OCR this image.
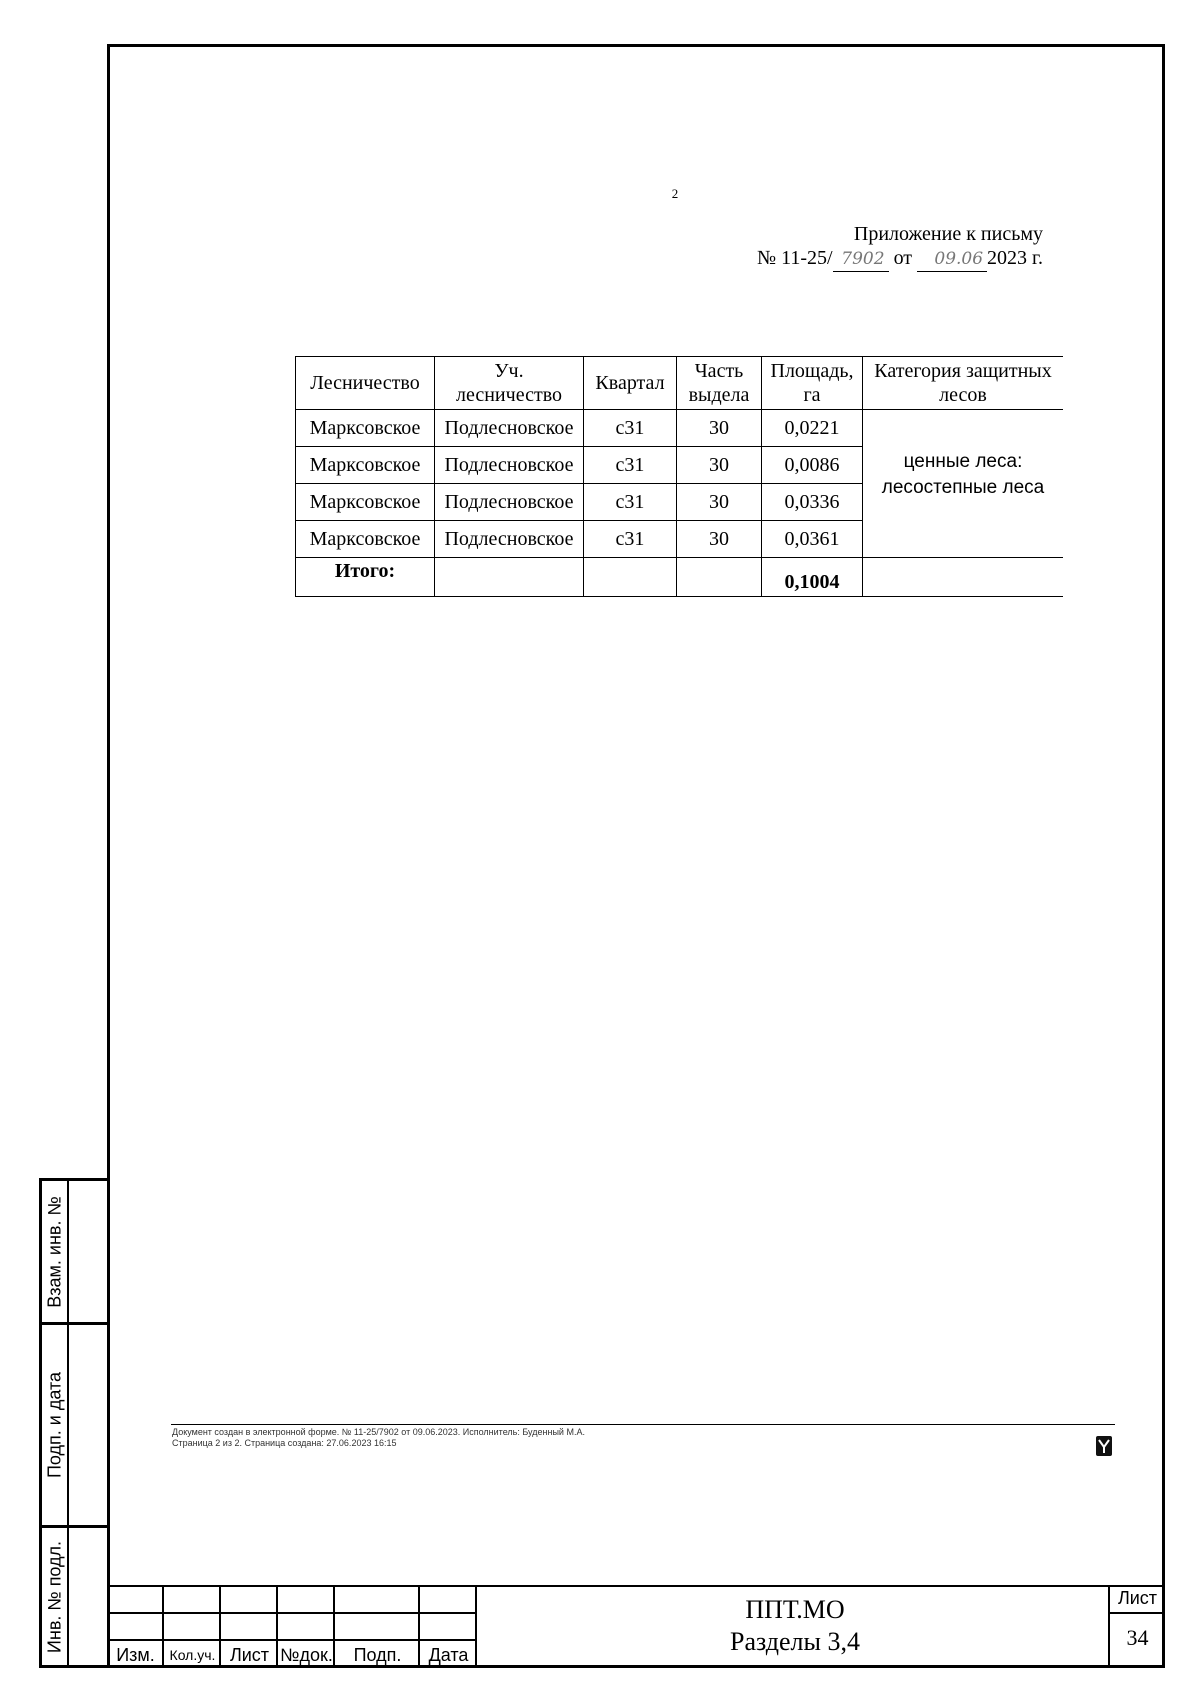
2
Приложение к письму
№ 11-25/ 7902 от 09.06 2023 г.
Лесничество	Уч. лесничество	Квартал	Часть выдела	Площадь, га	Категория защитных лесов
Марксовское	Подлесновское	с31	30	0,0221	ценные леса: лесостепные леса
Марксовское	Подлесновское	с31	30	0,0086	
Марксовское	Подлесновское	с31	30	0,0336	
Марксовское	Подлесновское	с31	30	0,0361	
Итого:				0,1004	
Документ создан в электронной форме. № 11-25/7902 от 09.06.2023. Исполнитель: Буденный М.А.
Страница 2 из 2. Страница создана: 27.06.2023 16:15
Взам. инв. №
Подп. и дата
Инв. № подл.
Изм.	Кол.уч. Лист №док.	Подп.	Дата
ППТ.МО
Разделы 3,4
Лист
34
